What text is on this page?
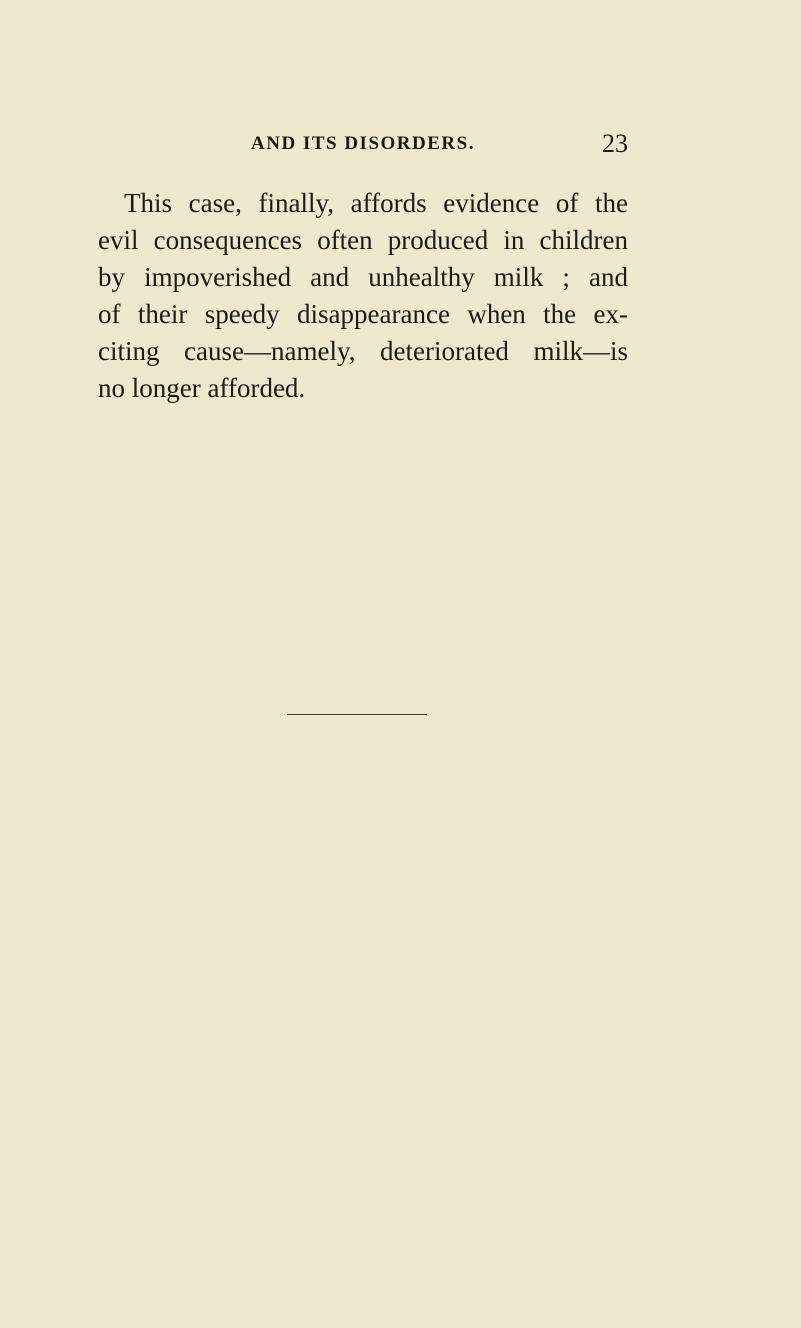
AND ITS DISORDERS.	23

This case, finally, affords evidence of the
evil consequences often produced in children
by impoverished and unhealthy milk ; and
of their speedy disappearance when the ex-
citing cause—namely, deteriorated milk—is
no longer afforded.
